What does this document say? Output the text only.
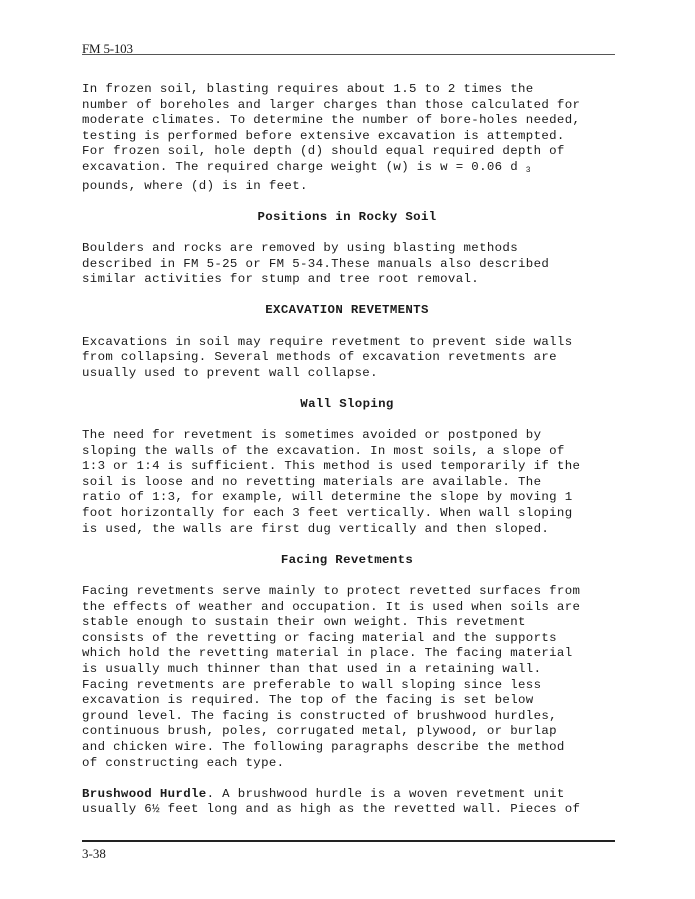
FM 5-103

In frozen soil, blasting requires about 1.5 to 2 times the

number of boreholes and larger charges than those calculated for

moderate climates. To determine the number of bore-holes needed,

testing is performed before extensive excavation is attempted.

For frozen soil, hole depth (d) should equal required depth of

excavation. The required charge weight (w) is w = 0.06 d $_3$

pounds, where (d) is in feet.

Positions in Rocky Soil

Boulders and rocks are removed by using blasting methods

described in FM 5-25 or FM 5-34.These manuals also described

similar activities for stump and tree root removal.

EXCAVATION REVETMENTS

Excavations in soil may require revetment to prevent side walls

from collapsing. Several methods of excavation revetments are

usually used to prevent wall collapse.

Wall Sloping

The need for revetment is sometimes avoided or postponed by

sloping the walls of the excavation. In most soils, a slope of

1:3 or 1:4 is sufficient. This method is used temporarily if the

soil is loose and no revetting materials are available. The

ratio of 1:3, for example, will determine the slope by moving 1

foot horizontally for each 3 feet vertically. When wall sloping

is used, the walls are first dug vertically and then sloped.

Facing Revetments

Facing revetments serve mainly to protect revetted surfaces from

the effects of weather and occupation. It is used when soils are

stable enough to sustain their own weight. This revetment

consists of the revetting or facing material and the supports

which hold the revetting material in place. The facing material

is usually much thinner than that used in a retaining wall.

Facing revetments are preferable to wall sloping since less

excavation is required. The top of the facing is set below

ground level. The facing is constructed of brushwood hurdles,

continuous brush, poles, corrugated metal, plywood, or burlap

and chicken wire. The following paragraphs describe the method

of constructing each type.

Brushwood Hurdle. A brushwood hurdle is a woven revetment unit

usually 6½ feet long and as high as the revetted wall. Pieces of

3-38
